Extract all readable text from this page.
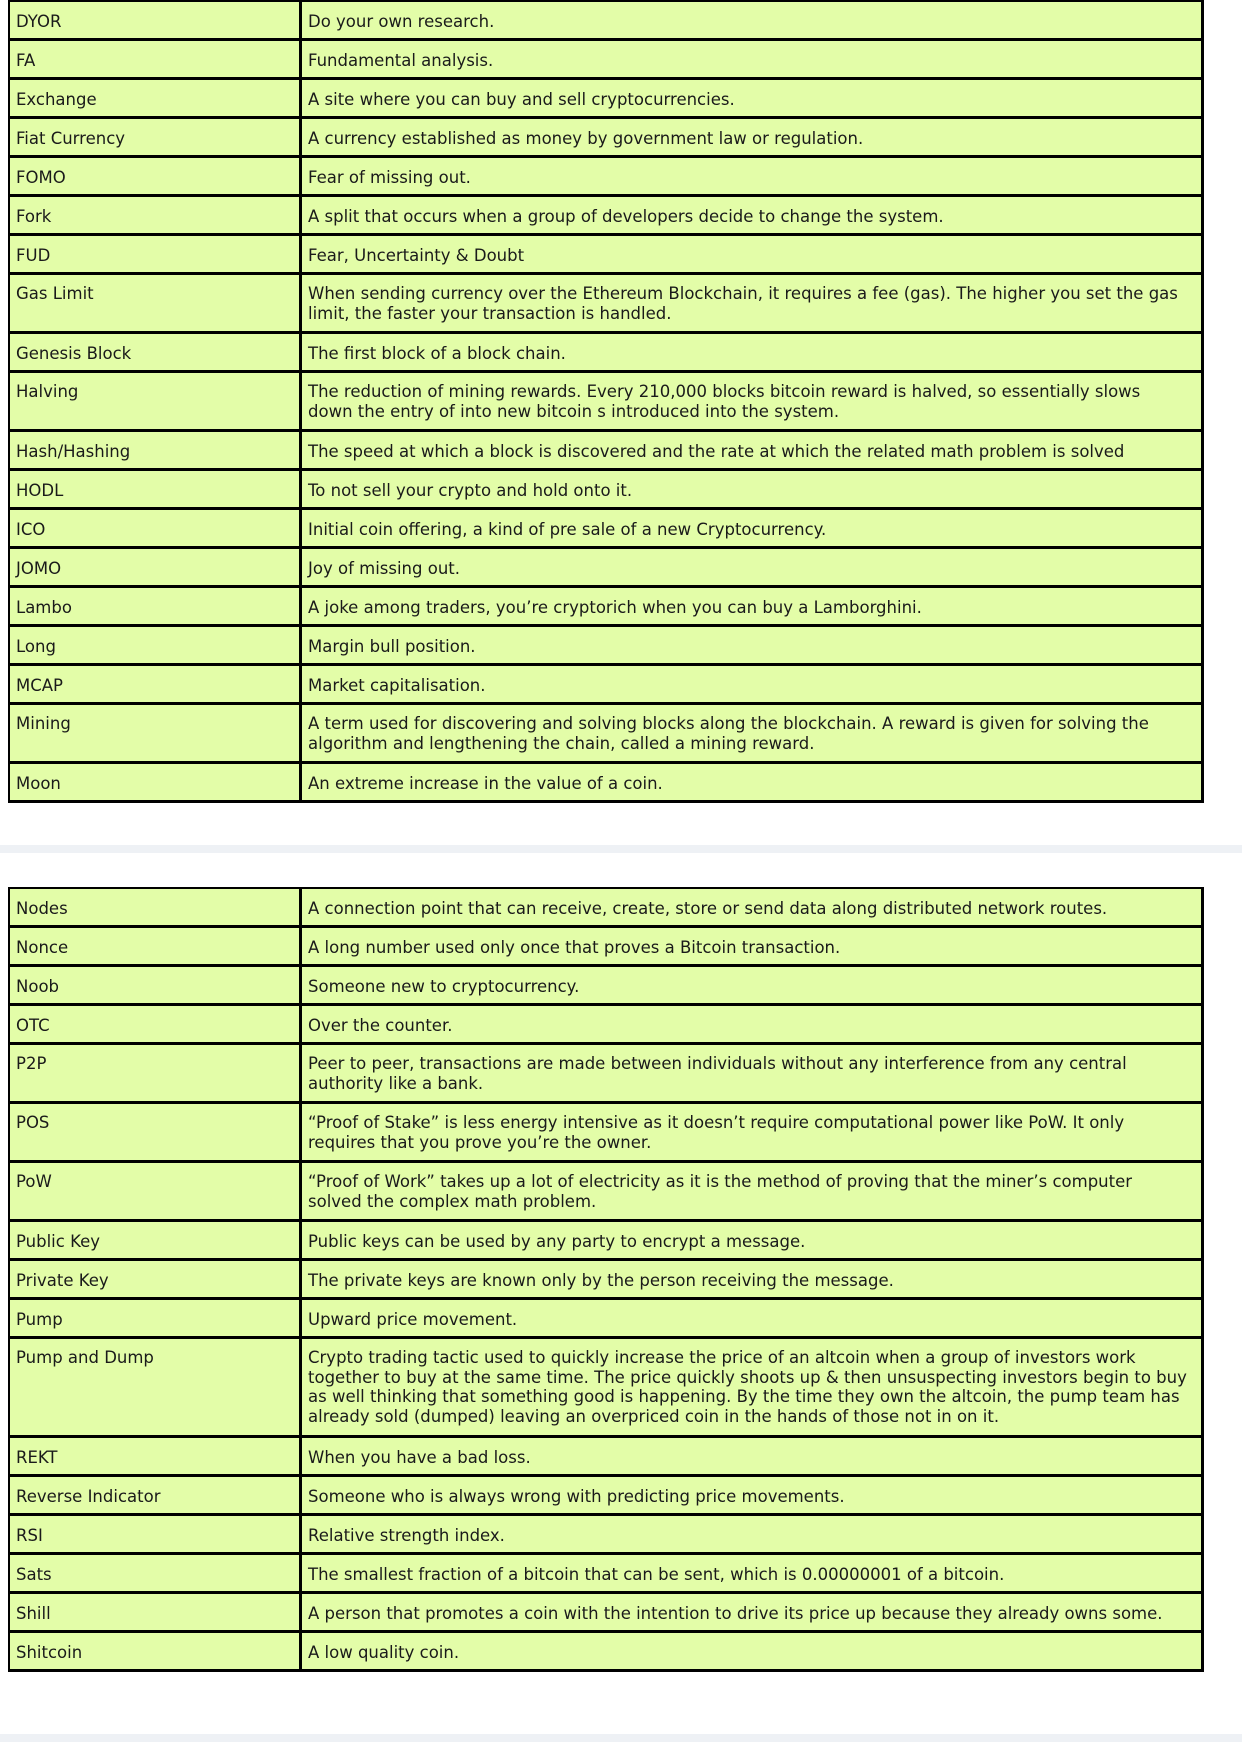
DYOR	Do your own research.
FA	Fundamental analysis.
Exchange	A site where you can buy and sell cryptocurrencies.
Fiat Currency	A currency established as money by government law or regulation.
FOMO	Fear of missing out.
Fork	A split that occurs when a group of developers decide to change the system.
FUD	Fear, Uncertainty & Doubt
Gas Limit	When sending currency over the Ethereum Blockchain, it requires a fee (gas). The higher you set the gas limit, the faster your transaction is handled.
Genesis Block	The first block of a block chain.
Halving	The reduction of mining rewards. Every 210,000 blocks bitcoin reward is halved, so essentially slows down the entry of into new bitcoin s introduced into the system.
Hash/Hashing	The speed at which a block is discovered and the rate at which the related math problem is solved
HODL	To not sell your crypto and hold onto it.
ICO	Initial coin offering, a kind of pre sale of a new Cryptocurrency.
JOMO	Joy of missing out.
Lambo	A joke among traders, you’re cryptorich when you can buy a Lamborghini.
Long	Margin bull position.
MCAP	Market capitalisation.
Mining	A term used for discovering and solving blocks along the blockchain. A reward is given for solving the algorithm and lengthening the chain, called a mining reward.
Moon	An extreme increase in the value of a coin.
Nodes	A connection point that can receive, create, store or send data along distributed network routes.
Nonce	A long number used only once that proves a Bitcoin transaction.
Noob	Someone new to cryptocurrency.
OTC	Over the counter.
P2P	Peer to peer, transactions are made between individuals without any interference from any central authority like a bank.
POS	“Proof of Stake” is less energy intensive as it doesn’t require computational power like PoW. It only requires that you prove you’re the owner.
PoW	“Proof of Work” takes up a lot of electricity as it is the method of proving that the miner’s computer solved the complex math problem.
Public Key	Public keys can be used by any party to encrypt a message.
Private Key	The private keys are known only by the person receiving the message.
Pump	Upward price movement.
Pump and Dump	Crypto trading tactic used to quickly increase the price of an altcoin when a group of investors work together to buy at the same time. The price quickly shoots up & then unsuspecting investors begin to buy as well thinking that something good is happening. By the time they own the altcoin, the pump team has already sold (dumped) leaving an overpriced coin in the hands of those not in on it.
REKT	When you have a bad loss.
Reverse Indicator	Someone who is always wrong with predicting price movements.
RSI	Relative strength index.
Sats	The smallest fraction of a bitcoin that can be sent, which is 0.00000001 of a bitcoin.
Shill	A person that promotes a coin with the intention to drive its price up because they already owns some.
Shitcoin	A low quality coin.
